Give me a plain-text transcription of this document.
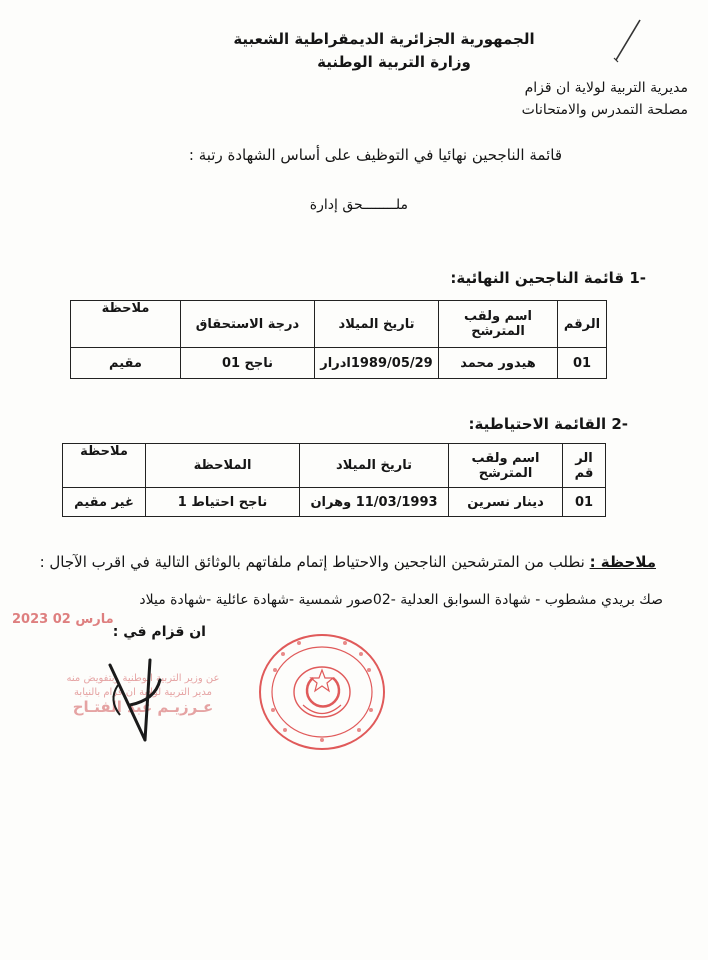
الجمهورية الجزائرية الديمقراطية الشعبية
وزارة التربية الوطنية
مديرية التربية لولاية ان قزام
مصلحة التمدرس والامتحانات
قائمة الناجحين نهائيا في التوظيف على أساس الشهادة رتبة :
ملــــــــحق إدارة
-1 قائمة الناجحين النهائية:
الرقم	اسم ولقب المترشح	تاريخ الميلاد	درجة الاستحقاق	ملاحظة
01	هيدور محمد	1989/05/29ادرار	ناجح 01	مقيم
-2 القائمة الاحتياطية:
الر قم	اسم ولقب المترشح	تاريخ الميلاد	الملاحظة	ملاحظة
01	دينار نسرين	11/03/1993 وهران	ناجح احتياط 1	غير مقيم
ملاحظة : نطلب من المترشحين الناجحين والاحتياط إتمام ملفاتهم بالوثائق التالية في اقرب الآجال :
صك بريدي مشطوب - شهادة السوابق العدلية -02صور شمسية -شهادة عائلية -شهادة ميلاد
ان قزام في :
2023 مارس 02
عن وزير التربية الوطنية وبتفويض منه
مدير التربية لولاية ان قزام بالنيابة
عـرزيـم عبد الفتـاح
